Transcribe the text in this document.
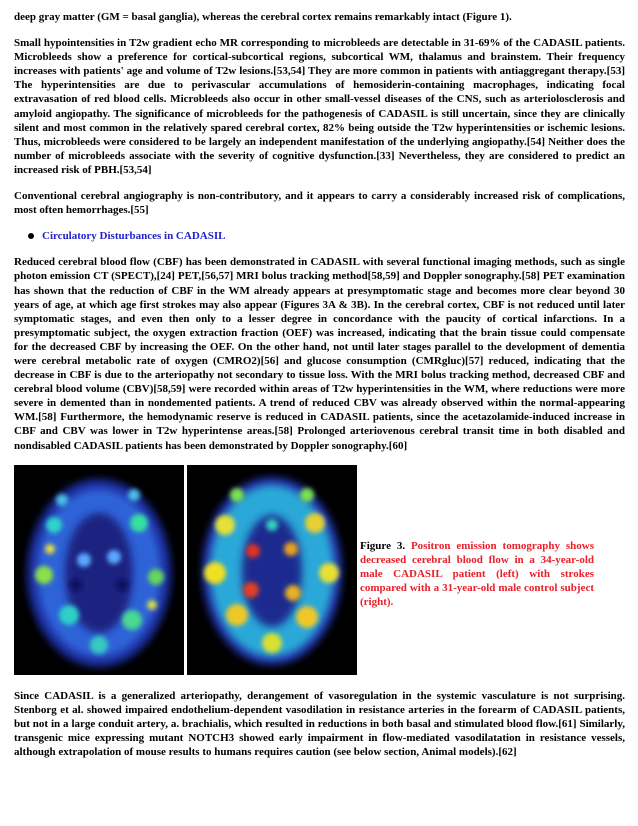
deep gray matter (GM = basal ganglia), whereas the cerebral cortex remains remarkably intact (Figure 1).

Small hypointensities in T2w gradient echo MR corresponding to microbleeds are detectable in 31-69% of the CADASIL patients. Microbleeds show a preference for cortical-subcortical regions, subcortical WM, thalamus and brainstem. Their frequency increases with patients' age and volume of T2w lesions.[53,54] They are more common in patients with antiaggregant therapy.[53] The hyperintensities are due to perivascular accumulations of hemosiderin-containing macrophages, indicating focal extravasation of red blood cells. Microbleeds also occur in other small-vessel diseases of the CNS, such as arteriolosclerosis and amyloid angiopathy. The significance of microbleeds for the pathogenesis of CADASIL is still uncertain, since they are clinically silent and most common in the relatively spared cerebral cortex, 82% being outside the T2w hyperintensities or ischemic lesions. Thus, microbleeds were considered to be largely an independent manifestation of the underlying angiopathy.[54] Neither does the number of microbleeds associate with the severity of cognitive dysfunction.[33] Nevertheless, they are considered to predict an increased risk of PBH.[53,54]

Conventional cerebral angiography is non-contributory, and it appears to carry a considerably increased risk of complications, most often hemorrhages.[55]

Circulatory Disturbances in CADASIL

Reduced cerebral blood flow (CBF) has been demonstrated in CADASIL with several functional imaging methods, such as single photon emission CT (SPECT),[24] PET,[56,57] MRI bolus tracking method[58,59] and Doppler sonography.[58] PET examination has shown that the reduction of CBF in the WM already appears at presymptomatic stage and becomes more clear beyond 30 years of age, at which age first strokes may also appear (Figures 3A & 3B). In the cerebral cortex, CBF is not reduced until later symptomatic stages, and even then only to a lesser degree in concordance with the paucity of cortical infarctions. In a presymptomatic subject, the oxygen extraction fraction (OEF) was increased, indicating that the brain tissue could compensate for the decreased CBF by increasing the OEF. On the other hand, not until later stages parallel to the development of dementia were cerebral metabolic rate of oxygen (CMRO2)[56] and glucose consumption (CMRgluc)[57] reduced, indicating that the decrease in CBF is due to the arteriopathy not secondary to tissue loss. With the MRI bolus tracking method, decreased CBF and cerebral blood volume (CBV)[58,59] were recorded within areas of T2w hyperintensities in the WM, where reductions were more severe in demented than in nondemented patients. A trend of reduced CBV was already observed within the normal-appearing WM.[58] Furthermore, the hemodynamic reserve is reduced in CADASIL patients, since the acetazolamide-induced increase in CBF and CBV was lower in T2w hyperintense areas.[58] Prolonged arteriovenous cerebral transit time in both disabled and nondisabled CADASIL patients has been demonstrated by Doppler sonography.[60]

Figure 3. Positron emission tomography shows decreased cerebral blood flow in a 34-year-old male CADASIL patient (left) with strokes compared with a 31-year-old male control subject (right).

Since CADASIL is a generalized arteriopathy, derangement of vasoregulation in the systemic vasculature is not surprising. Stenborg et al. showed impaired endothelium-dependent vasodilation in resistance arteries in the forearm of CADASIL patients, but not in a large conduit artery, a. brachialis, which resulted in reductions in both basal and stimulated blood flow.[61] Similarly, transgenic mice expressing mutant NOTCH3 showed early impairment in flow-mediated vasodilatation in resistance vessels, although extrapolation of mouse results to humans requires caution (see below section, Animal models).[62]
